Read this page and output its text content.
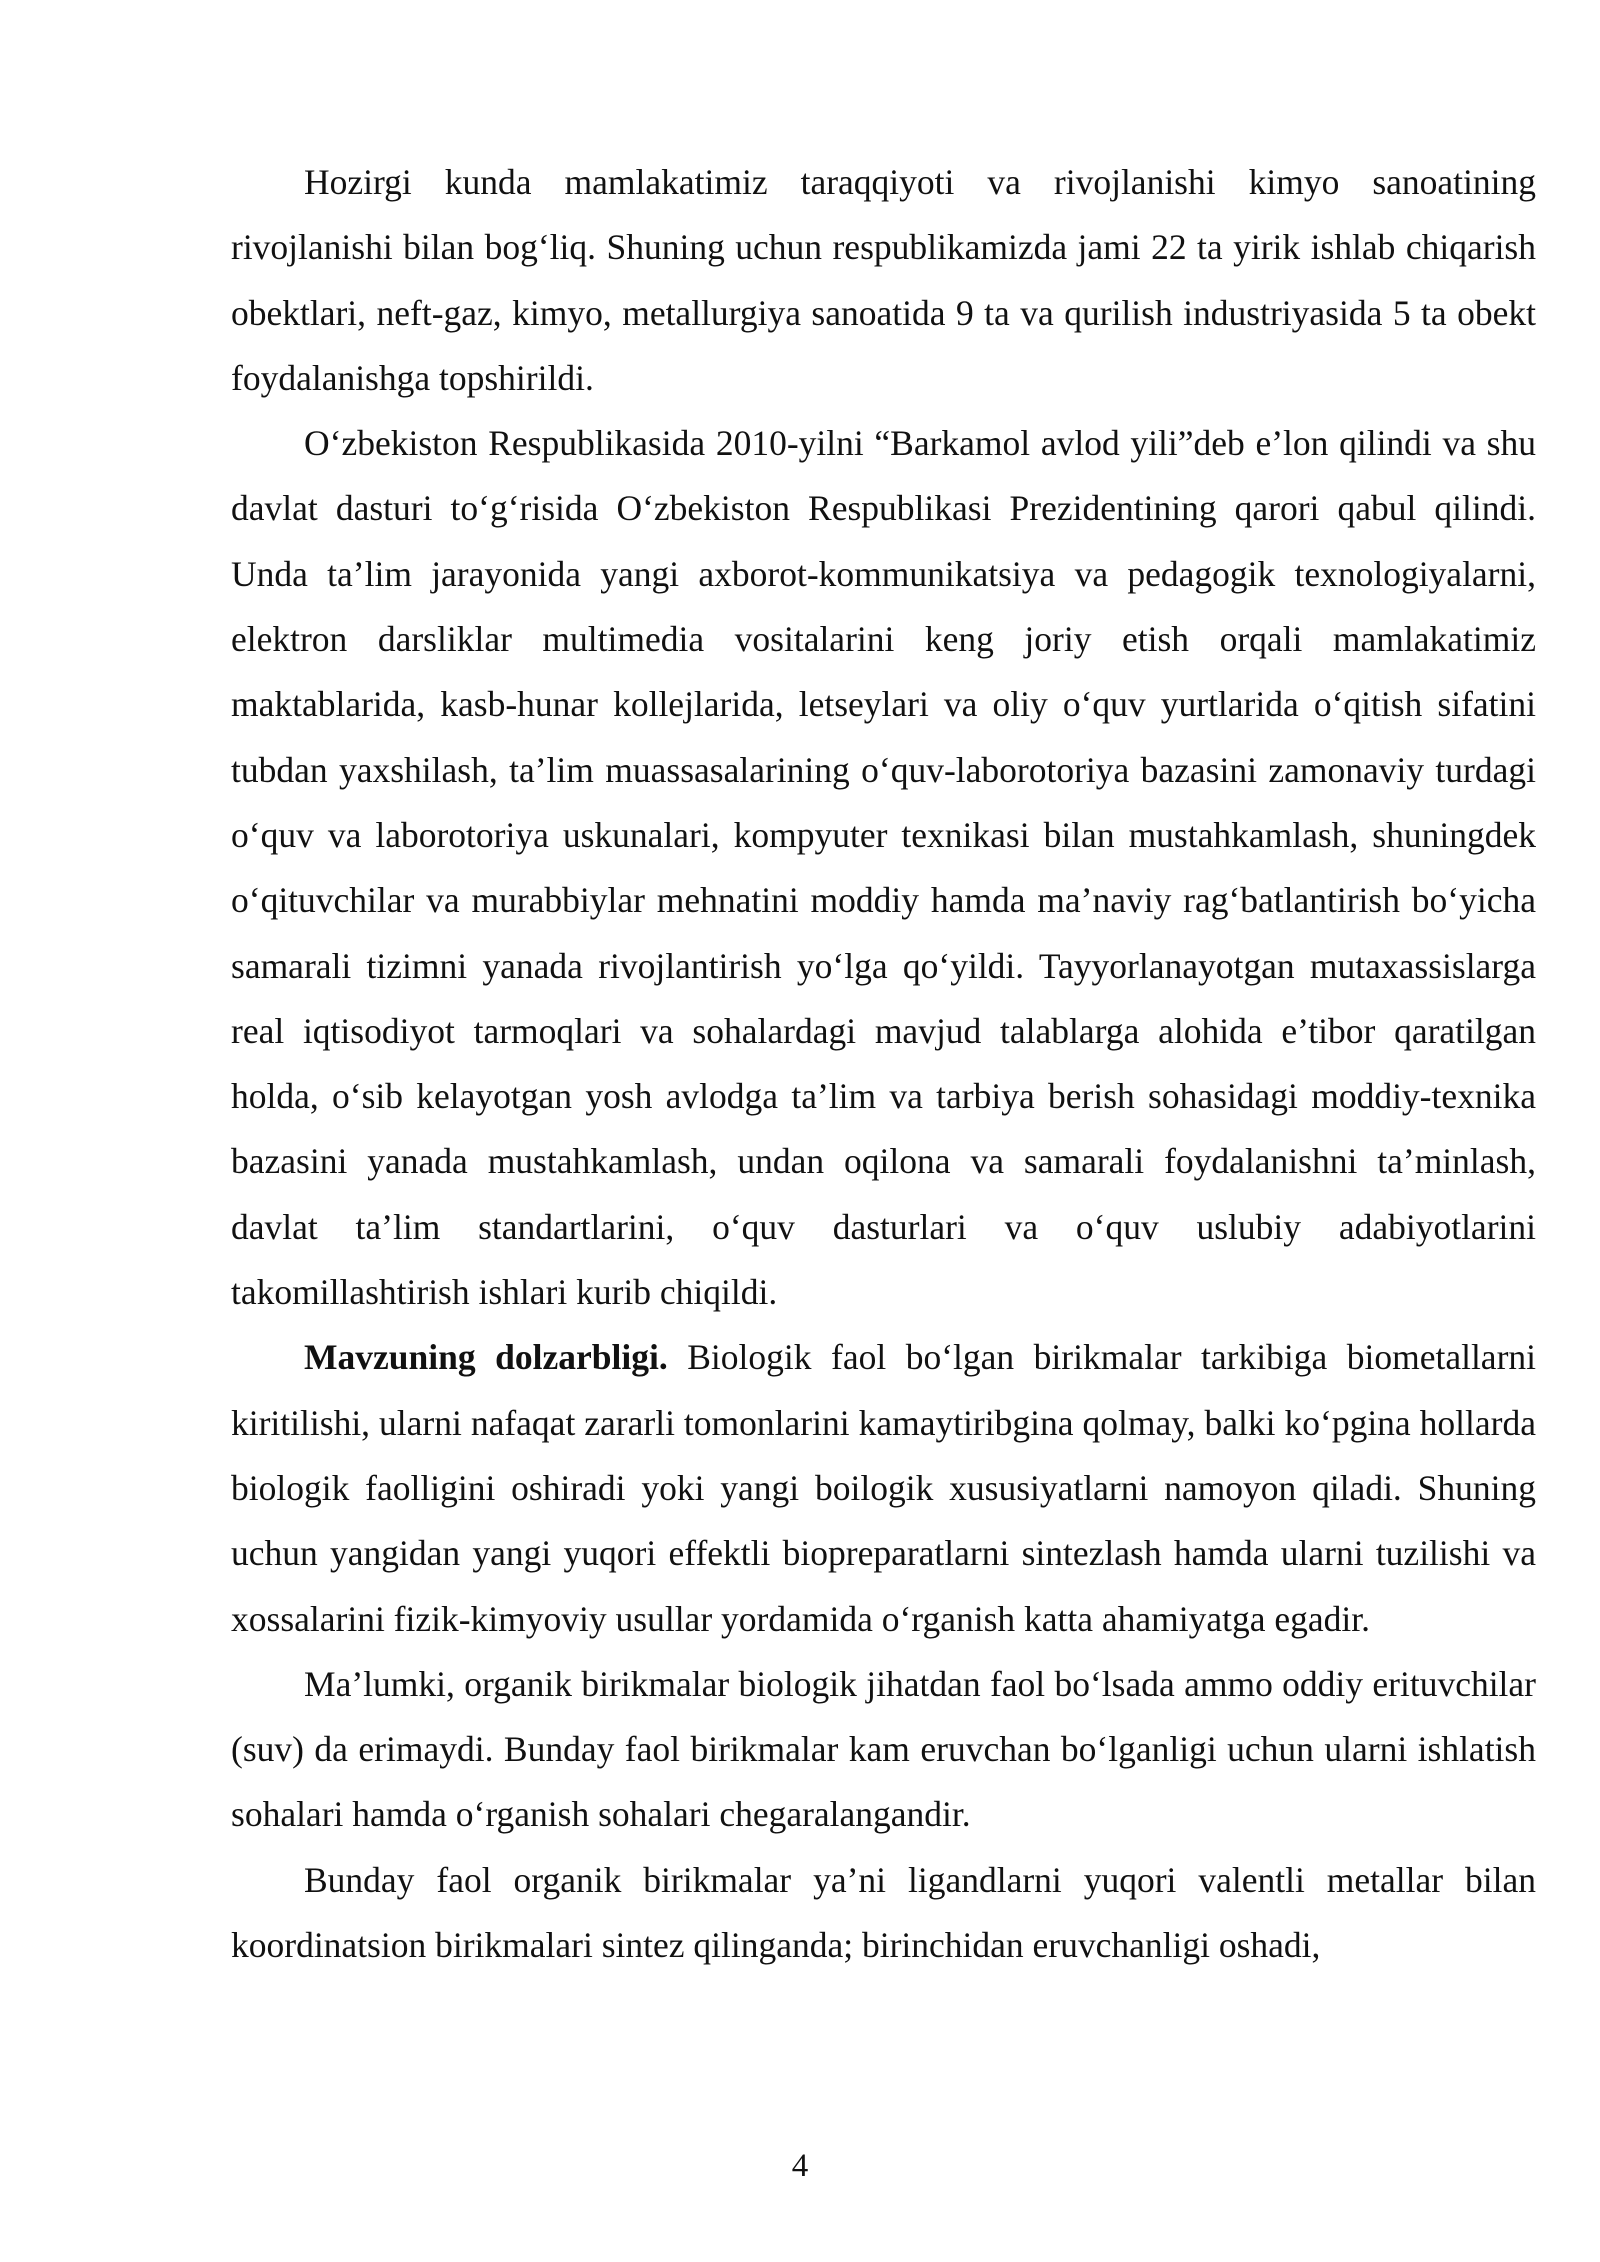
Hozirgi kunda mamlakatimiz taraqqiyoti va rivojlanishi kimyo sanoatining rivojlanishi bilan bog‘liq. Shuning uchun respublikamizda jami 22 ta yirik ishlab chiqarish obektlari, neft-gaz, kimyo, metallurgiya sanoatida 9 ta va qurilish industriyasida 5 ta obekt foydalanishga topshirildi.

O‘zbekiston Respublikasida 2010-yilni “Barkamol avlod yili”deb e’lon qilindi va shu davlat dasturi to‘g‘risida O‘zbekiston Respublikasi Prezidentining qarori qabul qilindi. Unda ta’lim jarayonida yangi axborot-kommunikatsiya va pedagogik texnologiyalarni, elektron darsliklar multimedia vositalarini keng joriy etish orqali mamlakatimiz maktablarida, kasb-hunar kollejlarida, letseylari va oliy o‘quv yurtlarida o‘qitish sifatini tubdan yaxshilash, ta’lim muassasalarining o‘quv-laborotoriya bazasini zamonaviy turdagi o‘quv va laborotoriya uskunalari, kompyuter texnikasi bilan mustahkamlash, shuningdek o‘qituvchilar va murabbiylar mehnatini moddiy hamda ma’naviy rag‘batlantirish bo‘yicha samarali tizimni yanada rivojlantirish yo‘lga qo‘yildi. Tayyorlanayotgan mutaxassislarga real iqtisodiyot tarmoqlari va sohalardagi mavjud talablarga alohida e’tibor qaratilgan holda, o‘sib kelayotgan yosh avlodga ta’lim va tarbiya berish sohasidagi moddiy-texnika bazasini yanada mustahkamlash, undan oqilona va samarali foydalanishni ta’minlash, davlat ta’lim standartlarini, o‘quv dasturlari va o‘quv uslubiy adabiyotlarini takomillashtirish ishlari kurib chiqildi.

Mavzuning dolzarbligi. Biologik faol bo‘lgan birikmalar tarkibiga biometallarni kiritilishi, ularni nafaqat zararli tomonlarini kamaytiribgina qolmay, balki ko‘pgina hollarda biologik faolligini oshiradi yoki yangi boilogik xususiyatlarni namoyon qiladi. Shuning uchun yangidan yangi yuqori effektli biopreparatlarni sintezlash hamda ularni tuzilishi va xossalarini fizik-kimyoviy usullar yordamida o‘rganish katta ahamiyatga egadir.

Ma’lumki, organik birikmalar biologik jihatdan faol bo‘lsada ammo oddiy erituvchilar (suv) da erimaydi. Bunday faol birikmalar kam eruvchan bo‘lganligi uchun ularni ishlatish sohalari hamda o‘rganish sohalari chegaralangandir.

Bunday faol organik birikmalar ya’ni ligandlarni yuqori valentli metallar bilan koordinatsion birikmalari sintez qilinganda; birinchidan eruvchanligi oshadi,

4
